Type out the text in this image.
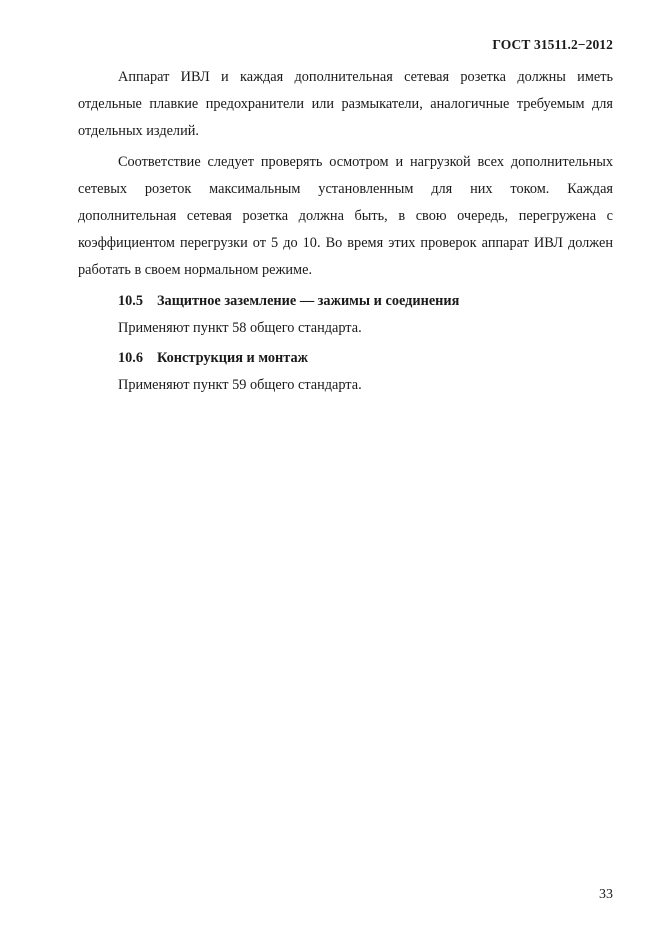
ГОСТ 31511.2−2012

Аппарат ИВЛ и каждая дополнительная сетевая розетка должны иметь отдельные плавкие предохранители или размыкатели, аналогичные требуемым для отдельных изделий.

Соответствие следует проверять осмотром и нагрузкой всех дополнительных сетевых розеток максимальным установленным для них током. Каждая дополнительная сетевая розетка должна быть, в свою очередь, перегружена с коэффициентом перегрузки от 5 до 10. Во время этих проверок аппарат ИВЛ должен работать в своем нормальном режиме.

10.5 Защитное заземление — зажимы и соединения

Применяют пункт 58 общего стандарта.

10.6 Конструкция и монтаж

Применяют пункт 59 общего стандарта.

33
